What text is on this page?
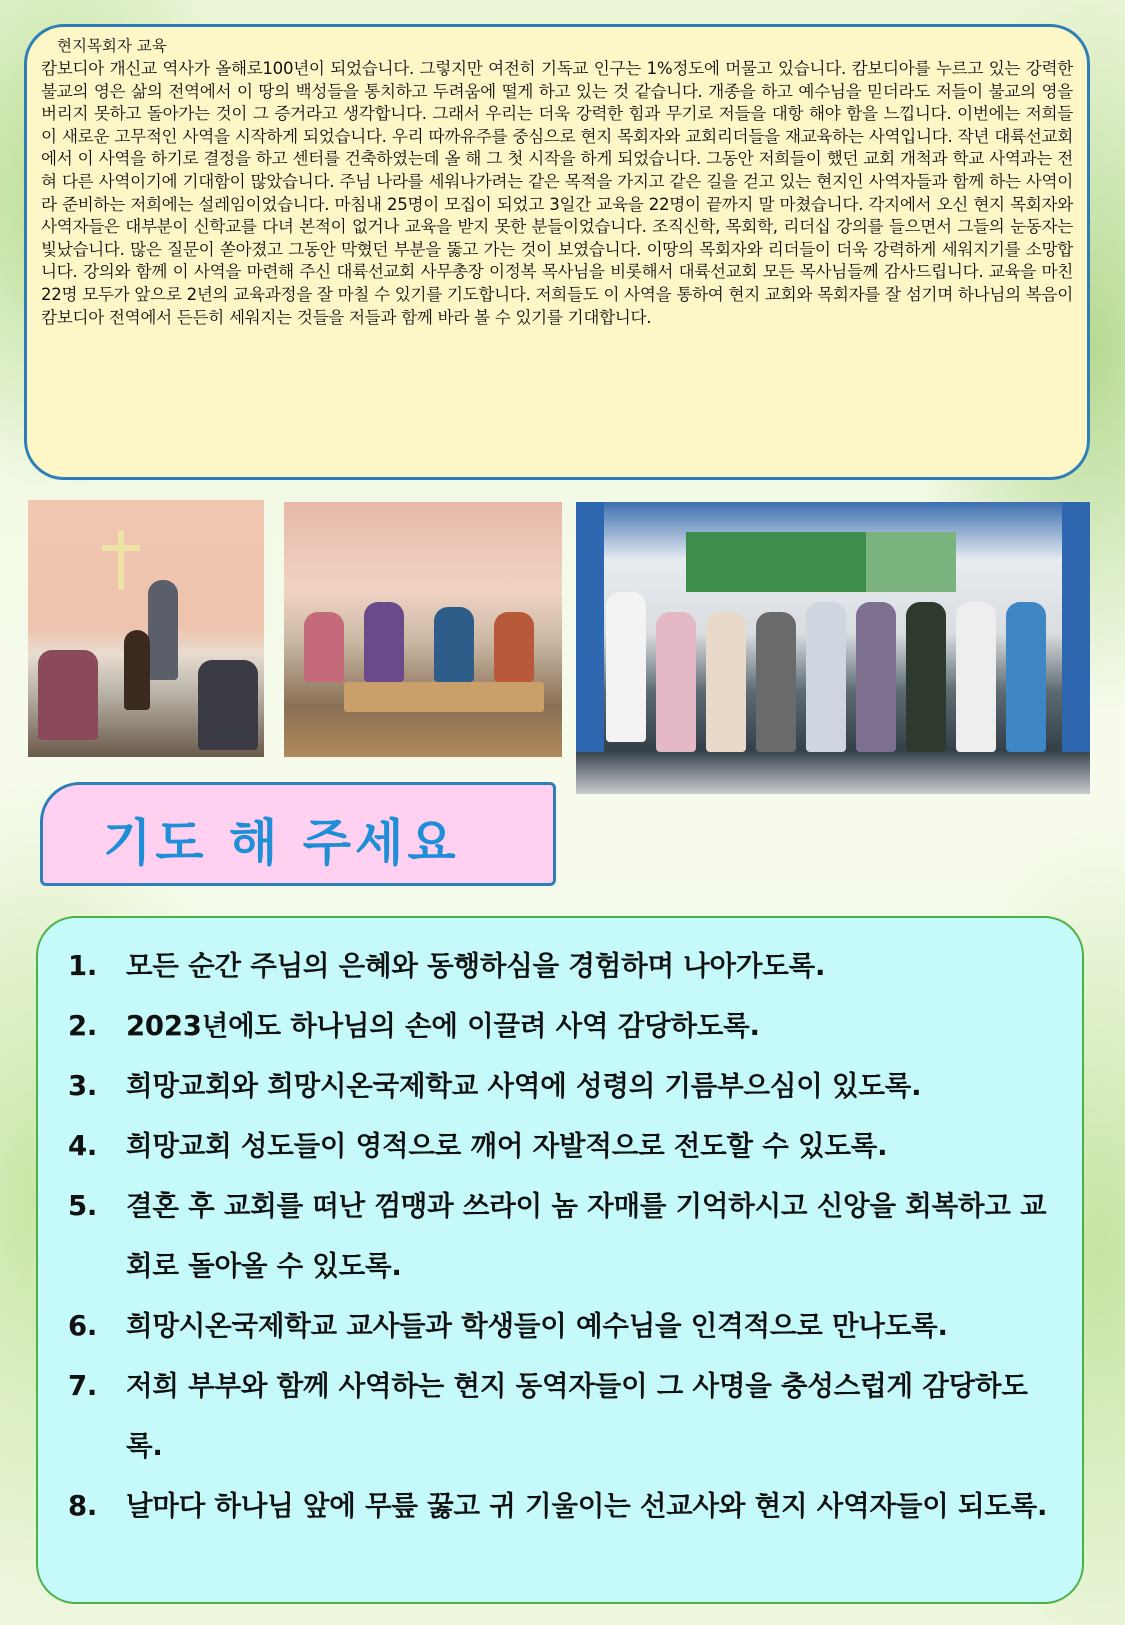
현지목회자 교육

캄보디아 개신교 역사가 올해로100년이 되었습니다. 그렇지만 여전히 기독교 인구는 1%정도에 머물고 있습니다. 캄보디아를 누르고 있는 강력한 불교의 영은 삶의 전역에서 이 땅의 백성들을 통치하고 두려움에 떨게 하고 있는 것 같습니다. 개종을 하고 예수님을 믿더라도 저들이 불교의 영을 버리지 못하고 돌아가는 것이 그 증거라고 생각합니다. 그래서 우리는 더욱 강력한 힘과 무기로 저들을 대항 해야 함을 느낍니다. 이번에는 저희들이 새로운 고무적인 사역을 시작하게 되었습니다. 우리 따까유주를 중심으로 현지 목회자와 교회리더들을 재교육하는 사역입니다. 작년 대륙선교회에서 이 사역을 하기로 결정을 하고 센터를 건축하였는데 올 해 그 첫 시작을 하게 되었습니다. 그동안 저희들이 했던 교회 개척과 학교 사역과는 전혀 다른 사역이기에 기대함이 많았습니다. 주님 나라를 세워나가려는 같은 목적을 가지고 같은 길을 걷고 있는 현지인 사역자들과 함께 하는 사역이라 준비하는 저희에는 설레임이었습니다. 마침내 25명이 모집이 되었고 3일간 교육을 22명이 끝까지 말 마쳤습니다. 각지에서 오신 현지 목회자와 사역자들은 대부분이 신학교를 다녀 본적이 없거나 교육을 받지 못한 분들이었습니다. 조직신학, 목회학, 리더십 강의를 들으면서 그들의 눈동자는 빛났습니다. 많은 질문이 쏟아졌고 그동안 막혔던 부분을 뚫고 가는 것이 보였습니다. 이땅의 목회자와 리더들이 더욱 강력하게 세워지기를 소망합니다. 강의와 함께 이 사역을 마련해 주신 대륙선교회 사무총장 이정복 목사님을 비롯해서 대륙선교회 모든 목사님들께 감사드립니다. 교육을 마친 22명 모두가 앞으로 2년의 교육과정을 잘 마칠 수 있기를 기도합니다. 저희들도 이 사역을 통하여 현지 교회와 목회자를 잘 섬기며 하나님의 복음이 캄보디아 전역에서 든든히 세워지는 것들을 저들과 함께 바라 볼 수 있기를 기대합니다.

기도 해 주세요
1. 모든 순간 주님의 은혜와 동행하심을 경험하며 나아가도록.
2. 2023년에도 하나님의 손에 이끌려 사역 감당하도록.
3. 희망교회와 희망시온국제학교 사역에 성령의 기름부으심이 있도록.
4. 희망교회 성도들이 영적으로 깨어 자발적으로 전도할 수 있도록.
5. 결혼 후 교회를 떠난 껌맹과 쓰라이 놈 자매를 기억하시고 신앙을 회복하고 교회로 돌아올 수 있도록.
6. 희망시온국제학교 교사들과 학생들이 예수님을 인격적으로 만나도록.
7. 저희 부부와 함께 사역하는 현지 동역자들이 그 사명을 충성스럽게 감당하도록.
8. 날마다 하나님 앞에 무릎 꿇고 귀 기울이는 선교사와 현지 사역자들이 되도록.
